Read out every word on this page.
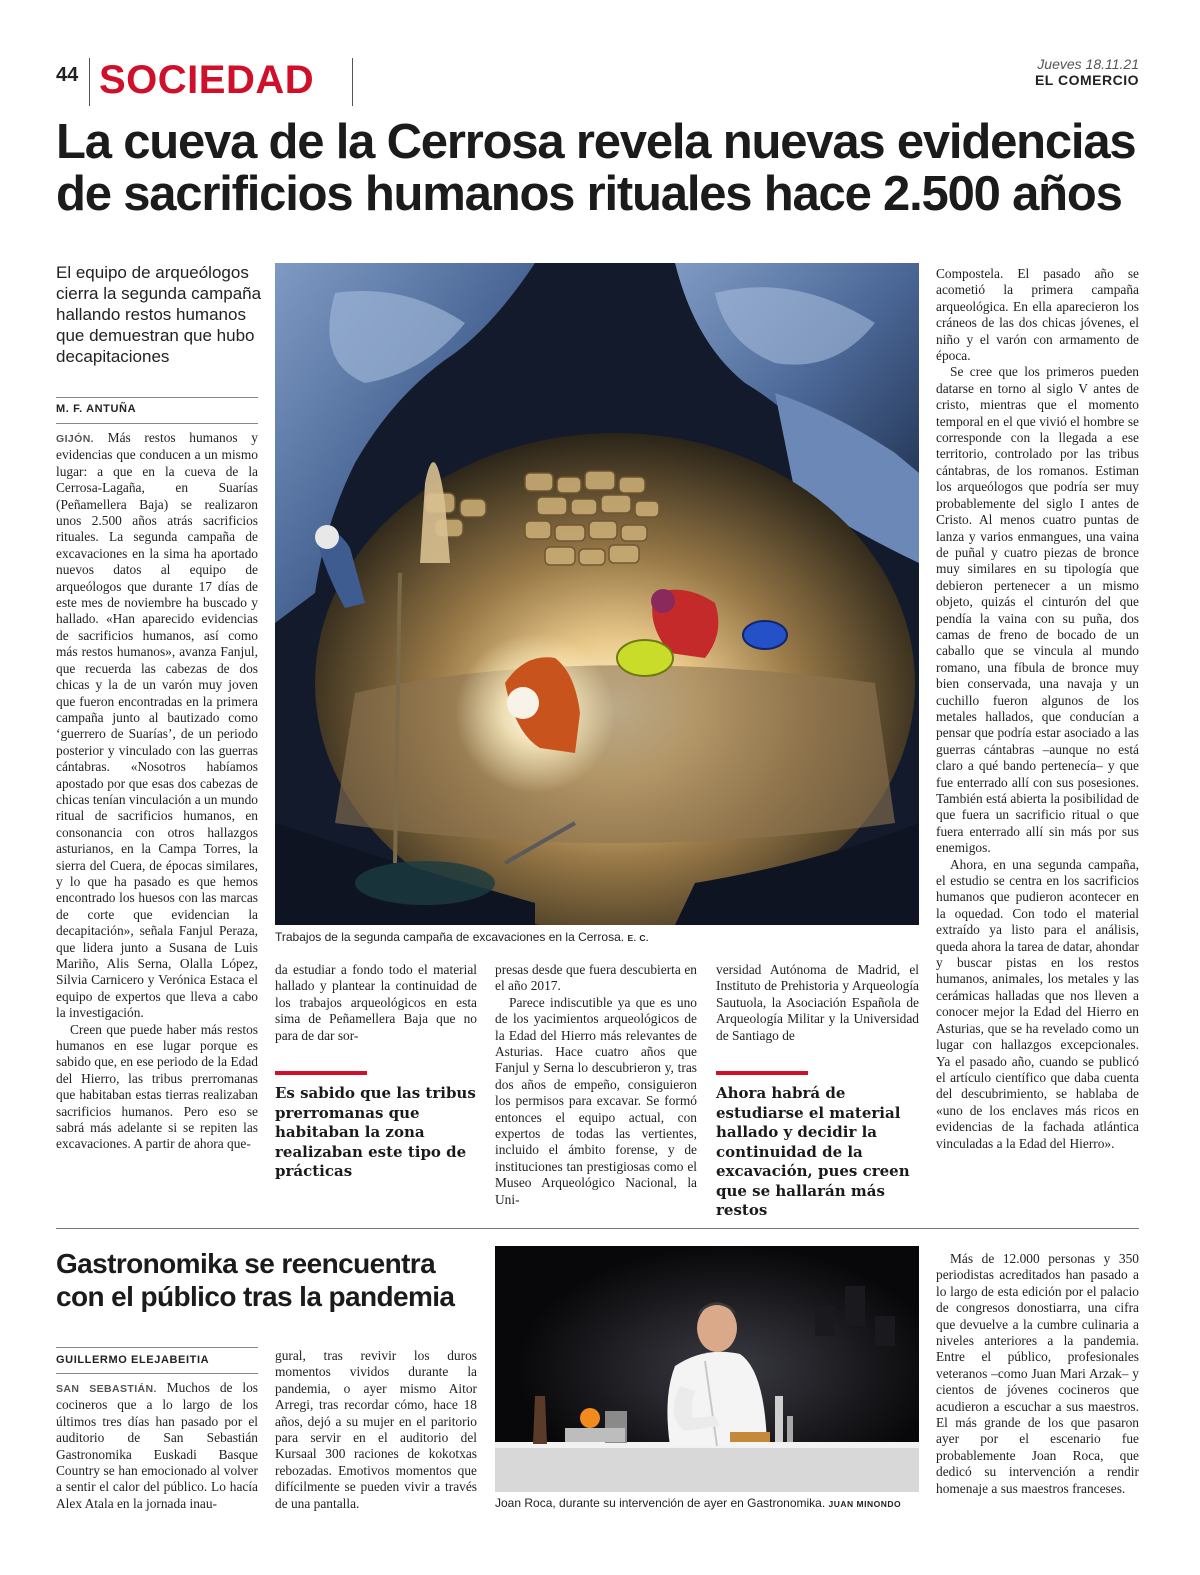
44 SOCIEDAD	Jueves 18.11.21
EL COMERCIO
La cueva de la Cerrosa revela nuevas evidencias
de sacrificios humanos rituales hace 2.500 años
El equipo de arqueólogos cierra la segunda campaña hallando restos humanos que demuestran que hubo decapitaciones
M. F. ANTUÑA

GIJÓN. Más restos humanos y evidencias que conducen a un mismo lugar: a que en la cueva de la Cerrosa-Lagaña, en Suarías (Peñamellera Baja) se realizaron unos 2.500 años atrás sacrificios rituales. La segunda campaña de excavaciones en la sima ha aportado nuevos datos al equipo de arqueólogos que durante 17 días de este mes de noviembre ha buscado y hallado. «Han aparecido evidencias de sacrificios humanos, así como más restos humanos», avanza Fanjul, que recuerda las cabezas de dos chicas y la de un varón muy joven que fueron encontradas en la primera campaña junto al bautizado como ‘guerrero de Suarías’, de un periodo posterior y vinculado con las guerras cántabras. «Nosotros habíamos apostado por que esas dos cabezas de chicas tenían vinculación a un mundo ritual de sacrificios humanos, en consonancia con otros hallazgos asturianos, en la Campa Torres, la sierra del Cuera, de épocas similares, y lo que ha pasado es que hemos encontrado los huesos con las marcas de corte que evidencian la decapitación», señala Fanjul Peraza, que lidera junto a Susana de Luis Mariño, Alis Serna, Olalla López, Silvia Carnicero y Verónica Estaca el equipo de expertos que lleva a cabo la investigación.

Creen que puede haber más restos humanos en ese lugar porque es sabido que, en ese periodo de la Edad del Hierro, las tribus prerromanas que habitaban estas tierras realizaban sacrificios humanos. Pero eso se sabrá más adelante si se repiten las excavaciones. A partir de ahora que-

Trabajos de la segunda campaña de excavaciones en la Cerrosa. E. C.

da estudiar a fondo todo el material hallado y plantear la continuidad de los trabajos arqueológicos en esta sima de Peñamellera Baja que no para de dar sor-

Es sabido que las tribus prerromanas que habitaban la zona realizaban este tipo de prácticas

presas desde que fuera descubierta en el año 2017.

Parece indiscutible ya que es uno de los yacimientos arqueológicos de la Edad del Hierro más relevantes de Asturias. Hace cuatro años que Fanjul y Serna lo descubrieron y, tras dos años de empeño, consiguieron los permisos para excavar. Se formó entonces el equipo actual, con expertos de todas las vertientes, incluido el ámbito forense, y de instituciones tan prestigiosas como el Museo Arqueológico Nacional, la Uni-

versidad Autónoma de Madrid, el Instituto de Prehistoria y Arqueología Sautuola, la Asociación Española de Arqueología Militar y la Universidad de Santiago de

Ahora habrá de estudiarse el material hallado y decidir la continuidad de la excavación, pues creen que se hallarán más restos

Compostela. El pasado año se acometió la primera campaña arqueológica. En ella aparecieron los cráneos de las dos chicas jóvenes, el niño y el varón con armamento de época.

Se cree que los primeros pueden datarse en torno al siglo V antes de cristo, mientras que el momento temporal en el que vivió el hombre se corresponde con la llegada a ese territorio, controlado por las tribus cántabras, de los romanos. Estiman los arqueólogos que podría ser muy probablemente del siglo I antes de Cristo. Al menos cuatro puntas de lanza y varios enmangues, una vaina de puñal y cuatro piezas de bronce muy similares en su tipología que debieron pertenecer a un mismo objeto, quizás el cinturón del que pendía la vaina con su puña, dos camas de freno de bocado de un caballo que se vincula al mundo romano, una fíbula de bronce muy bien conservada, una navaja y un cuchillo fueron algunos de los metales hallados, que conducían a pensar que podría estar asociado a las guerras cántabras –aunque no está claro a qué bando pertenecía– y que fue enterrado allí con sus posesiones. También está abierta la posibilidad de que fuera un sacrificio ritual o que fuera enterrado allí sin más por sus enemigos.

Ahora, en una segunda campaña, el estudio se centra en los sacrificios humanos que pudieron acontecer en la oquedad. Con todo el material extraído ya listo para el análisis, queda ahora la tarea de datar, ahondar y buscar pistas en los restos humanos, animales, los metales y las cerámicas halladas que nos lleven a conocer mejor la Edad del Hierro en Asturias, que se ha revelado como un lugar con hallazgos excepcionales. Ya el pasado año, cuando se publicó el artículo científico que daba cuenta del descubrimiento, se hablaba de «uno de los enclaves más ricos en evidencias de la fachada atlántica vinculadas a la Edad del Hierro».

Gastronomika se reencuentra con el público tras la pandemia
GUILLERMO ELEJABEITIA

SAN SEBASTIÁN. Muchos de los cocineros que a lo largo de los últimos tres días han pasado por el auditorio de San Sebastián Gastronomika Euskadi Basque Country se han emocionado al volver a sentir el calor del público. Lo hacía Alex Atala en la jornada inau-

gural, tras revivir los duros momentos vividos durante la pandemia, o ayer mismo Aitor Arregi, tras recordar cómo, hace 18 años, dejó a su mujer en el paritorio para servir en el auditorio del Kursaal 300 raciones de kokotxas rebozadas. Emotivos momentos que difícilmente se pueden vivir a través de una pantalla.	Joan Roca, durante su intervención de ayer en Gastronomika. JUAN MINONDO

Más de 12.000 personas y 350 periodistas acreditados han pasado a lo largo de esta edición por el palacio de congresos donostiarra, una cifra que devuelve a la cumbre culinaria a niveles anteriores a la pandemia. Entre el público, profesionales veteranos –como Juan Mari Arzak– y cientos de jóvenes cocineros que acudieron a escuchar a sus maestros. El más grande de los que pasaron ayer por el escenario fue probablemente Joan Roca, que dedicó su intervención a rendir homenaje a sus maestros franceses.
